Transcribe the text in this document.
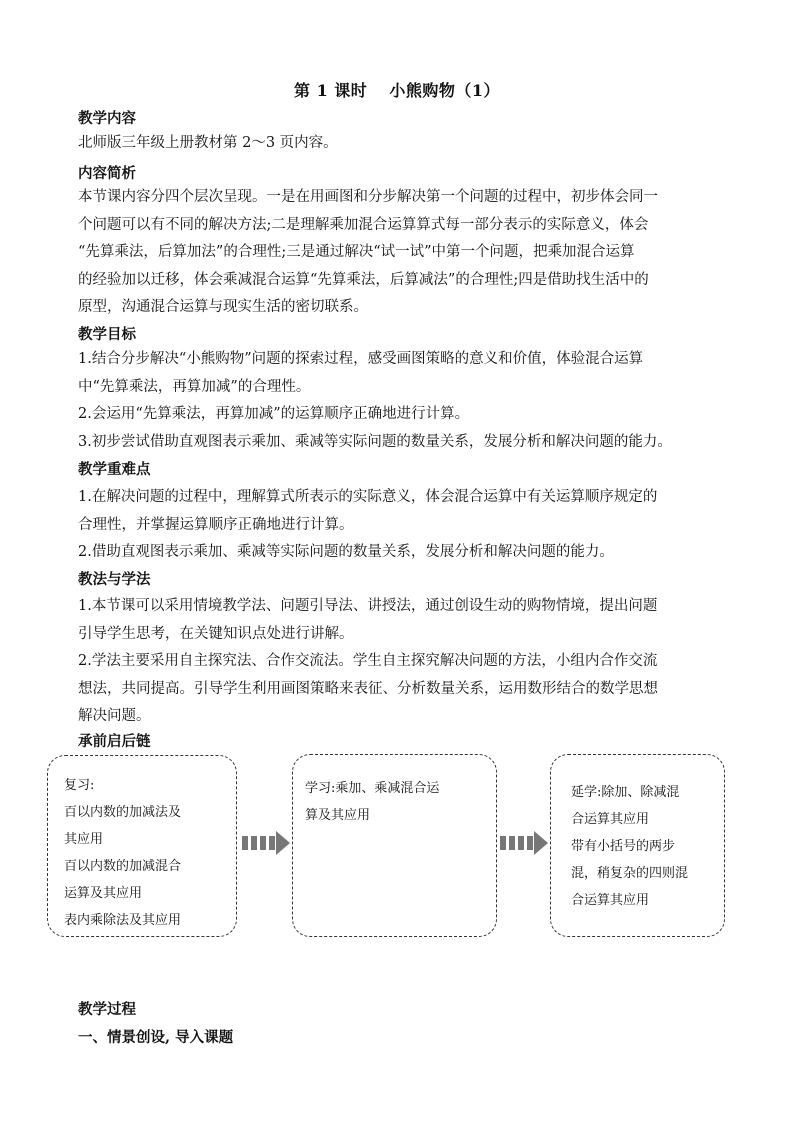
第 1 课时 小熊购物（1）
教学内容
北师版三年级上册教材第 2～3 页内容。
内容简析
本节课内容分四个层次呈现。一是在用画图和分步解决第一个问题的过程中，初步体会同一
个问题可以有不同的解决方法;二是理解乘加混合运算算式每一部分表示的实际意义，体会
“先算乘法，后算加法”的合理性;三是通过解决“试一试”中第一个问题，把乘加混合运算
的经验加以迁移，体会乘减混合运算“先算乘法，后算减法”的合理性;四是借助找生活中的
原型，沟通混合运算与现实生活的密切联系。
教学目标
1.结合分步解决“小熊购物”问题的探索过程，感受画图策略的意义和价值，体验混合运算
中“先算乘法，再算加减”的合理性。
2.会运用“先算乘法，再算加减”的运算顺序正确地进行计算。
3.初步尝试借助直观图表示乘加、乘减等实际问题的数量关系，发展分析和解决问题的能力。
教学重难点
1.在解决问题的过程中，理解算式所表示的实际意义，体会混合运算中有关运算顺序规定的
合理性，并掌握运算顺序正确地进行计算。
2.借助直观图表示乘加、乘减等实际问题的数量关系，发展分析和解决问题的能力。
教法与学法
1.本节课可以采用情境教学法、问题引导法、讲授法，通过创设生动的购物情境，提出问题
引导学生思考，在关键知识点处进行讲解。
2.学法主要采用自主探究法、合作交流法。学生自主探究解决问题的方法，小组内合作交流
想法，共同提高。引导学生利用画图策略来表征、分析数量关系，运用数形结合的数学思想
解决问题。
承前启后链
复习:
百以内数的加减法及
其应用
百以内数的加减混合
运算及其应用
表内乘除法及其应用
学习:乘加、乘减混合运
算及其应用
延学:除加、除减混
合运算其应用
带有小括号的两步
混，稍复杂的四则混
合运算其应用
教学过程
一、情景创设, 导入课题
